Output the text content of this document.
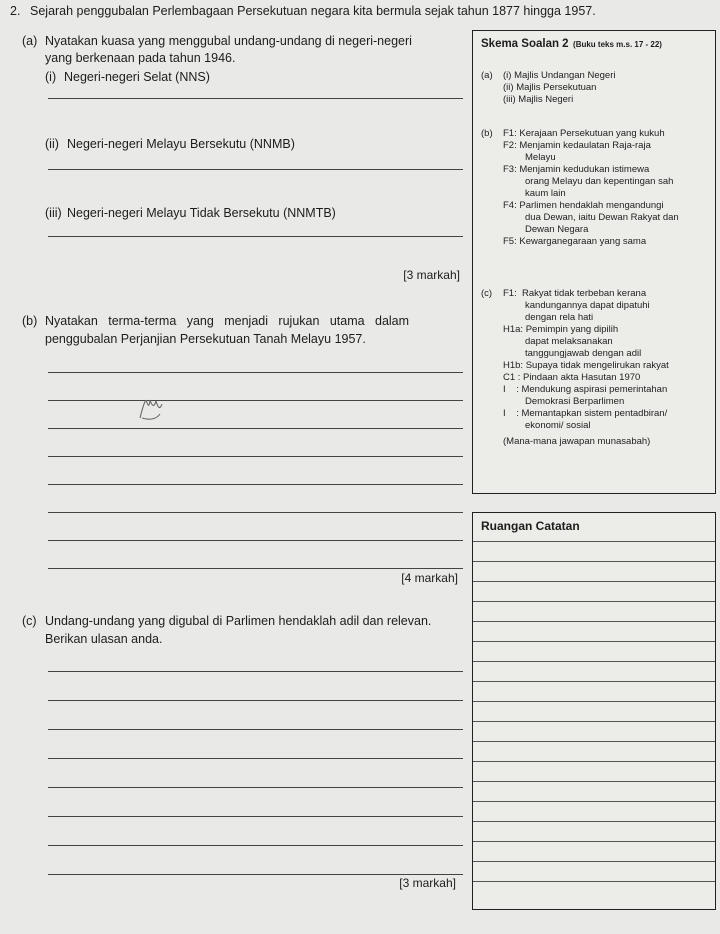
2. Sejarah penggubalan Perlembagaan Persekutuan negara kita bermula sejak tahun 1877 hingga 1957.
(a) Nyatakan kuasa yang menggubal undang-undang di negeri-negeri
yang berkenaan pada tahun 1946.
(i) Negeri-negeri Selat (NNS)
(ii) Negeri-negeri Melayu Bersekutu (NNMB)
(iii) Negeri-negeri Melayu Tidak Bersekutu (NNMTB)
[3 markah]
(b) Nyatakan   terma-terma   yang   menjadi   rujukan   utama   dalam
penggubalan Perjanjian Persekutuan Tanah Melayu 1957.
[4 markah]
(c) Undang-undang yang digubal di Parlimen hendaklah adil dan relevan.
Berikan ulasan anda.
[3 markah]
Skema Soalan 2 (Buku teks m.s. 17 - 22)
(a) (i) Majlis Undangan Negeri
(ii) Majlis Persekutuan
(iii) Majlis Negeri
(b) F1: Kerajaan Persekutuan yang kukuh
F2: Menjamin kedaulatan Raja-raja
Melayu
F3: Menjamin kedudukan istimewa
orang Melayu dan kepentingan sah
kaum lain
F4: Parlimen hendaklah mengandungi
dua Dewan, iaitu Dewan Rakyat dan
Dewan Negara
F5: Kewarganegaraan yang sama
(c) F1:  Rakyat tidak terbeban kerana
kandungannya dapat dipatuhi
dengan rela hati
H1a: Pemimpin yang dipilih
dapat melaksanakan
tanggungjawab dengan adil
H1b: Supaya tidak mengelirukan rakyat
C1 : Pindaan akta Hasutan 1970
I    : Mendukung aspirasi pemerintahan
Demokrasi Berparlimen
I    : Memantapkan sistem pentadbiran/
ekonomi/ sosial
(Mana-mana jawapan munasabah)
Ruangan Catatan
